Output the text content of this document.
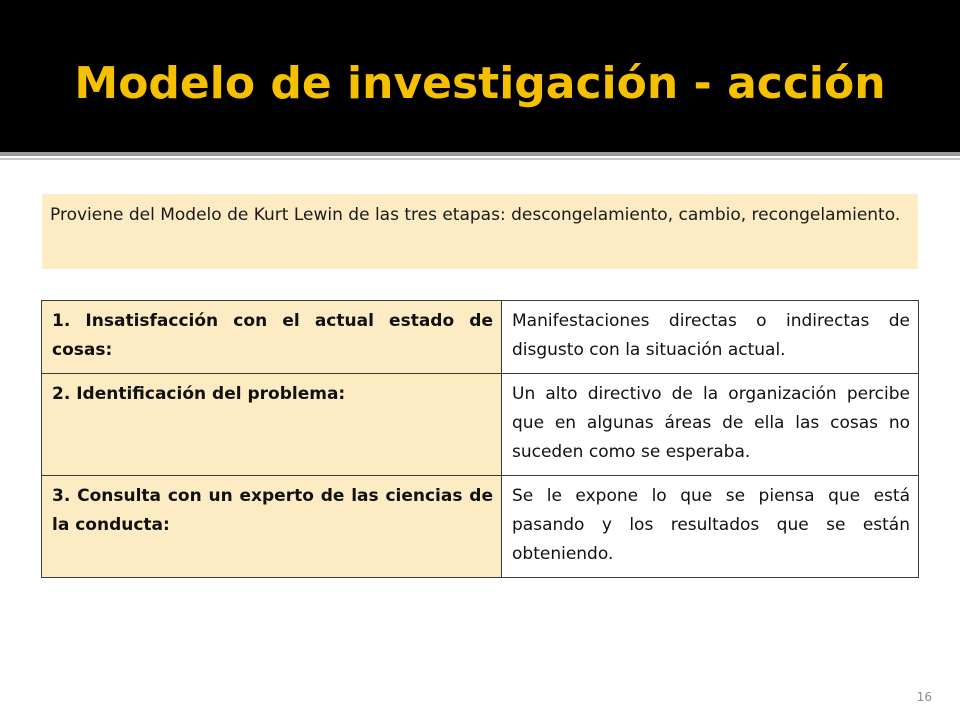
Modelo de investigación - acción
Proviene del Modelo de Kurt Lewin de las tres etapas: descongelamiento, cambio, recongelamiento.
1. Insatisfacción con el actual estado de cosas:	Manifestaciones directas o indirectas de disgusto con la situación actual.
2. Identificación del problema:	Un alto directivo de la organización percibe que en algunas áreas de ella las cosas no suceden como se esperaba.
3. Consulta con un experto de las ciencias de la conducta:	Se le expone lo que se piensa que está pasando y los resultados que se están obteniendo.
16
